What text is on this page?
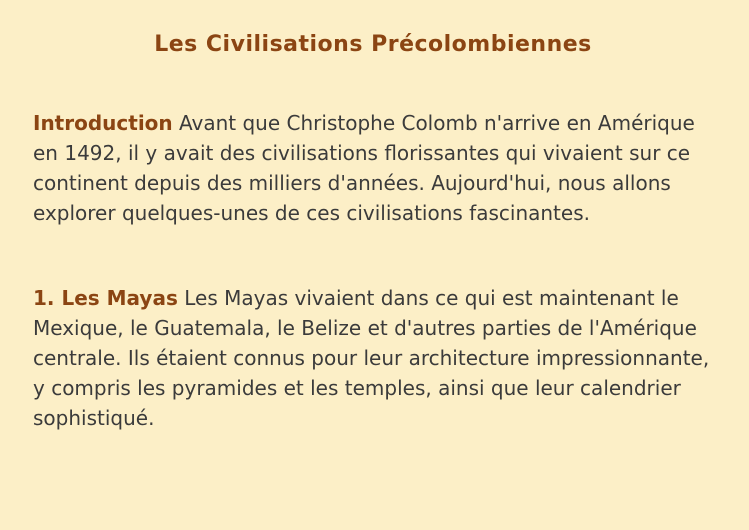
Les Civilisations Précolombiennes

Introduction Avant que Christophe Colomb n'arrive en Amérique en 1492, il y avait des civilisations florissantes qui vivaient sur ce continent depuis des milliers d'années. Aujourd'hui, nous allons explorer quelques-unes de ces civilisations fascinantes.

1. Les Mayas Les Mayas vivaient dans ce qui est maintenant le Mexique, le Guatemala, le Belize et d'autres parties de l'Amérique centrale. Ils étaient connus pour leur architecture impressionnante, y compris les pyramides et les temples, ainsi que leur calendrier sophistiqué.
